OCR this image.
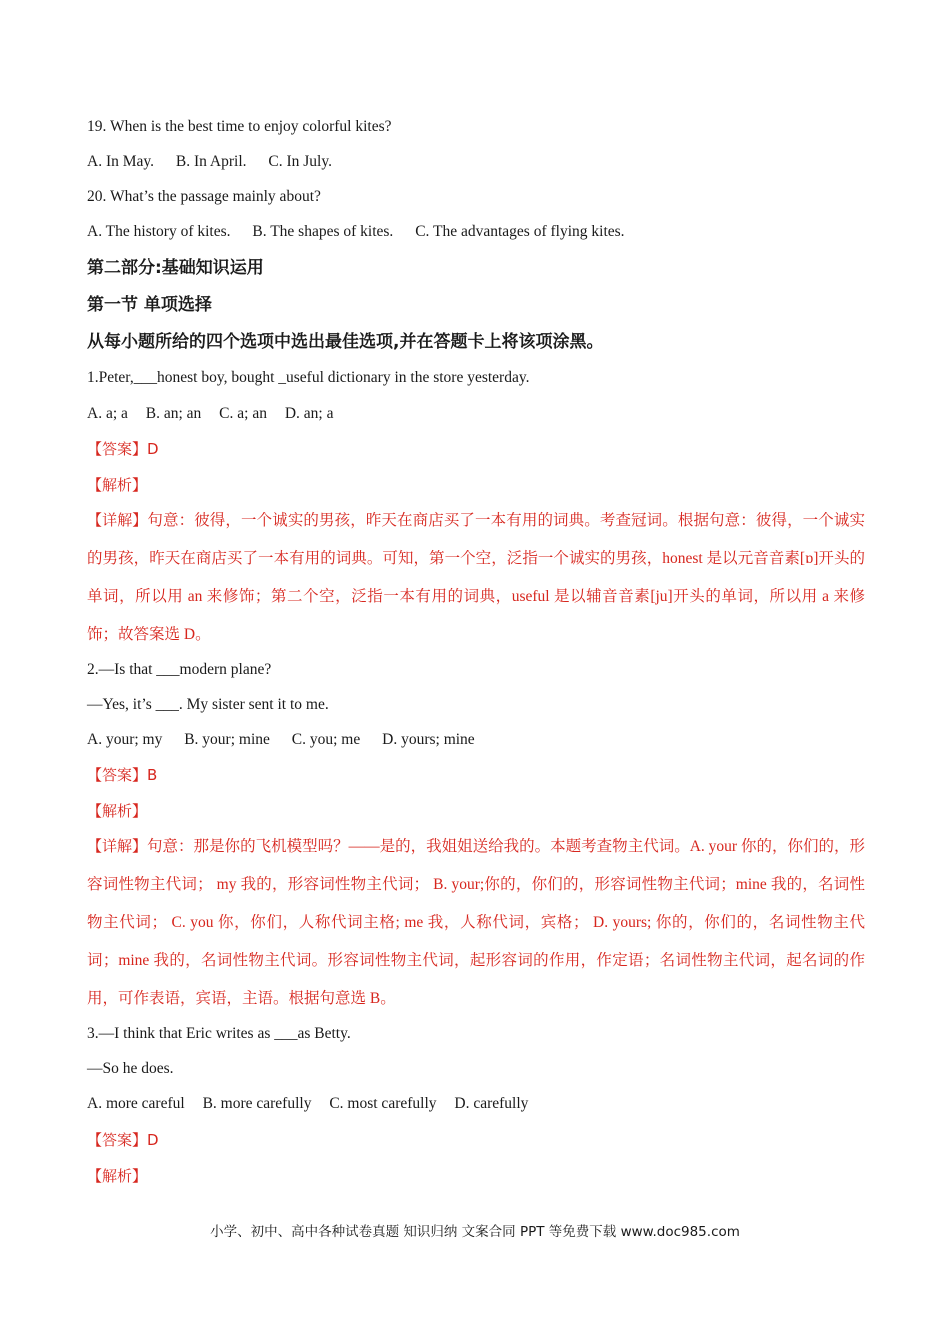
19. When is the best time to enjoy colorful kites?
A. In May. B. In April. C. In July.
20. What’s the passage mainly about?
A. The history of kites. B. The shapes of kites. C. The advantages of flying kites.
第二部分:基础知识运用
第一节 单项选择
从每小题所给的四个选项中选出最佳选项,并在答题卡上将该项涂黑。
1.Peter,___honest boy, bought _useful dictionary in the store yesterday.
A. a; a B. an; an C. a; an D. an; a
【答案】D
【解析】
【详解】句意：彼得，一个诚实的男孩，昨天在商店买了一本有用的词典。考查冠词。根据句意：彼得，一个诚实的男孩，昨天在商店买了一本有用的词典。可知，第一个空，泛指一个诚实的男孩，honest 是以元音音素[ɒ]开头的单词，所以用 an 来修饰；第二个空，泛指一本有用的词典，useful 是以辅音音素[ju]开头的单词，所以用 a 来修饰；故答案选 D。
2.—Is that ___modern plane?
—Yes, it’s ___. My sister sent it to me.
A. your; my B. your; mine C. you; me D. yours; mine
【答案】B
【解析】
【详解】句意：那是你的飞机模型吗？——是的，我姐姐送给我的。本题考查物主代词。A. your 你的，你们的，形容词性物主代词； my 我的，形容词性物主代词； B. your;你的，你们的，形容词性物主代词；mine 我的，名词性物主代词； C. you 你，你们，人称代词主格; me 我，人称代词，宾格； D. yours; 你的，你们的，名词性物主代词；mine 我的，名词性物主代词。形容词性物主代词，起形容词的作用，作定语；名词性物主代词，起名词的作用，可作表语，宾语，主语。根据句意选 B。
3.—I think that Eric writes as ___as Betty.
—So he does.
A. more careful B. more carefully C. most carefully D. carefully
【答案】D
【解析】
小学、初中、高中各种试卷真题 知识归纳 文案合同 PPT 等免费下载 www.doc985.com
